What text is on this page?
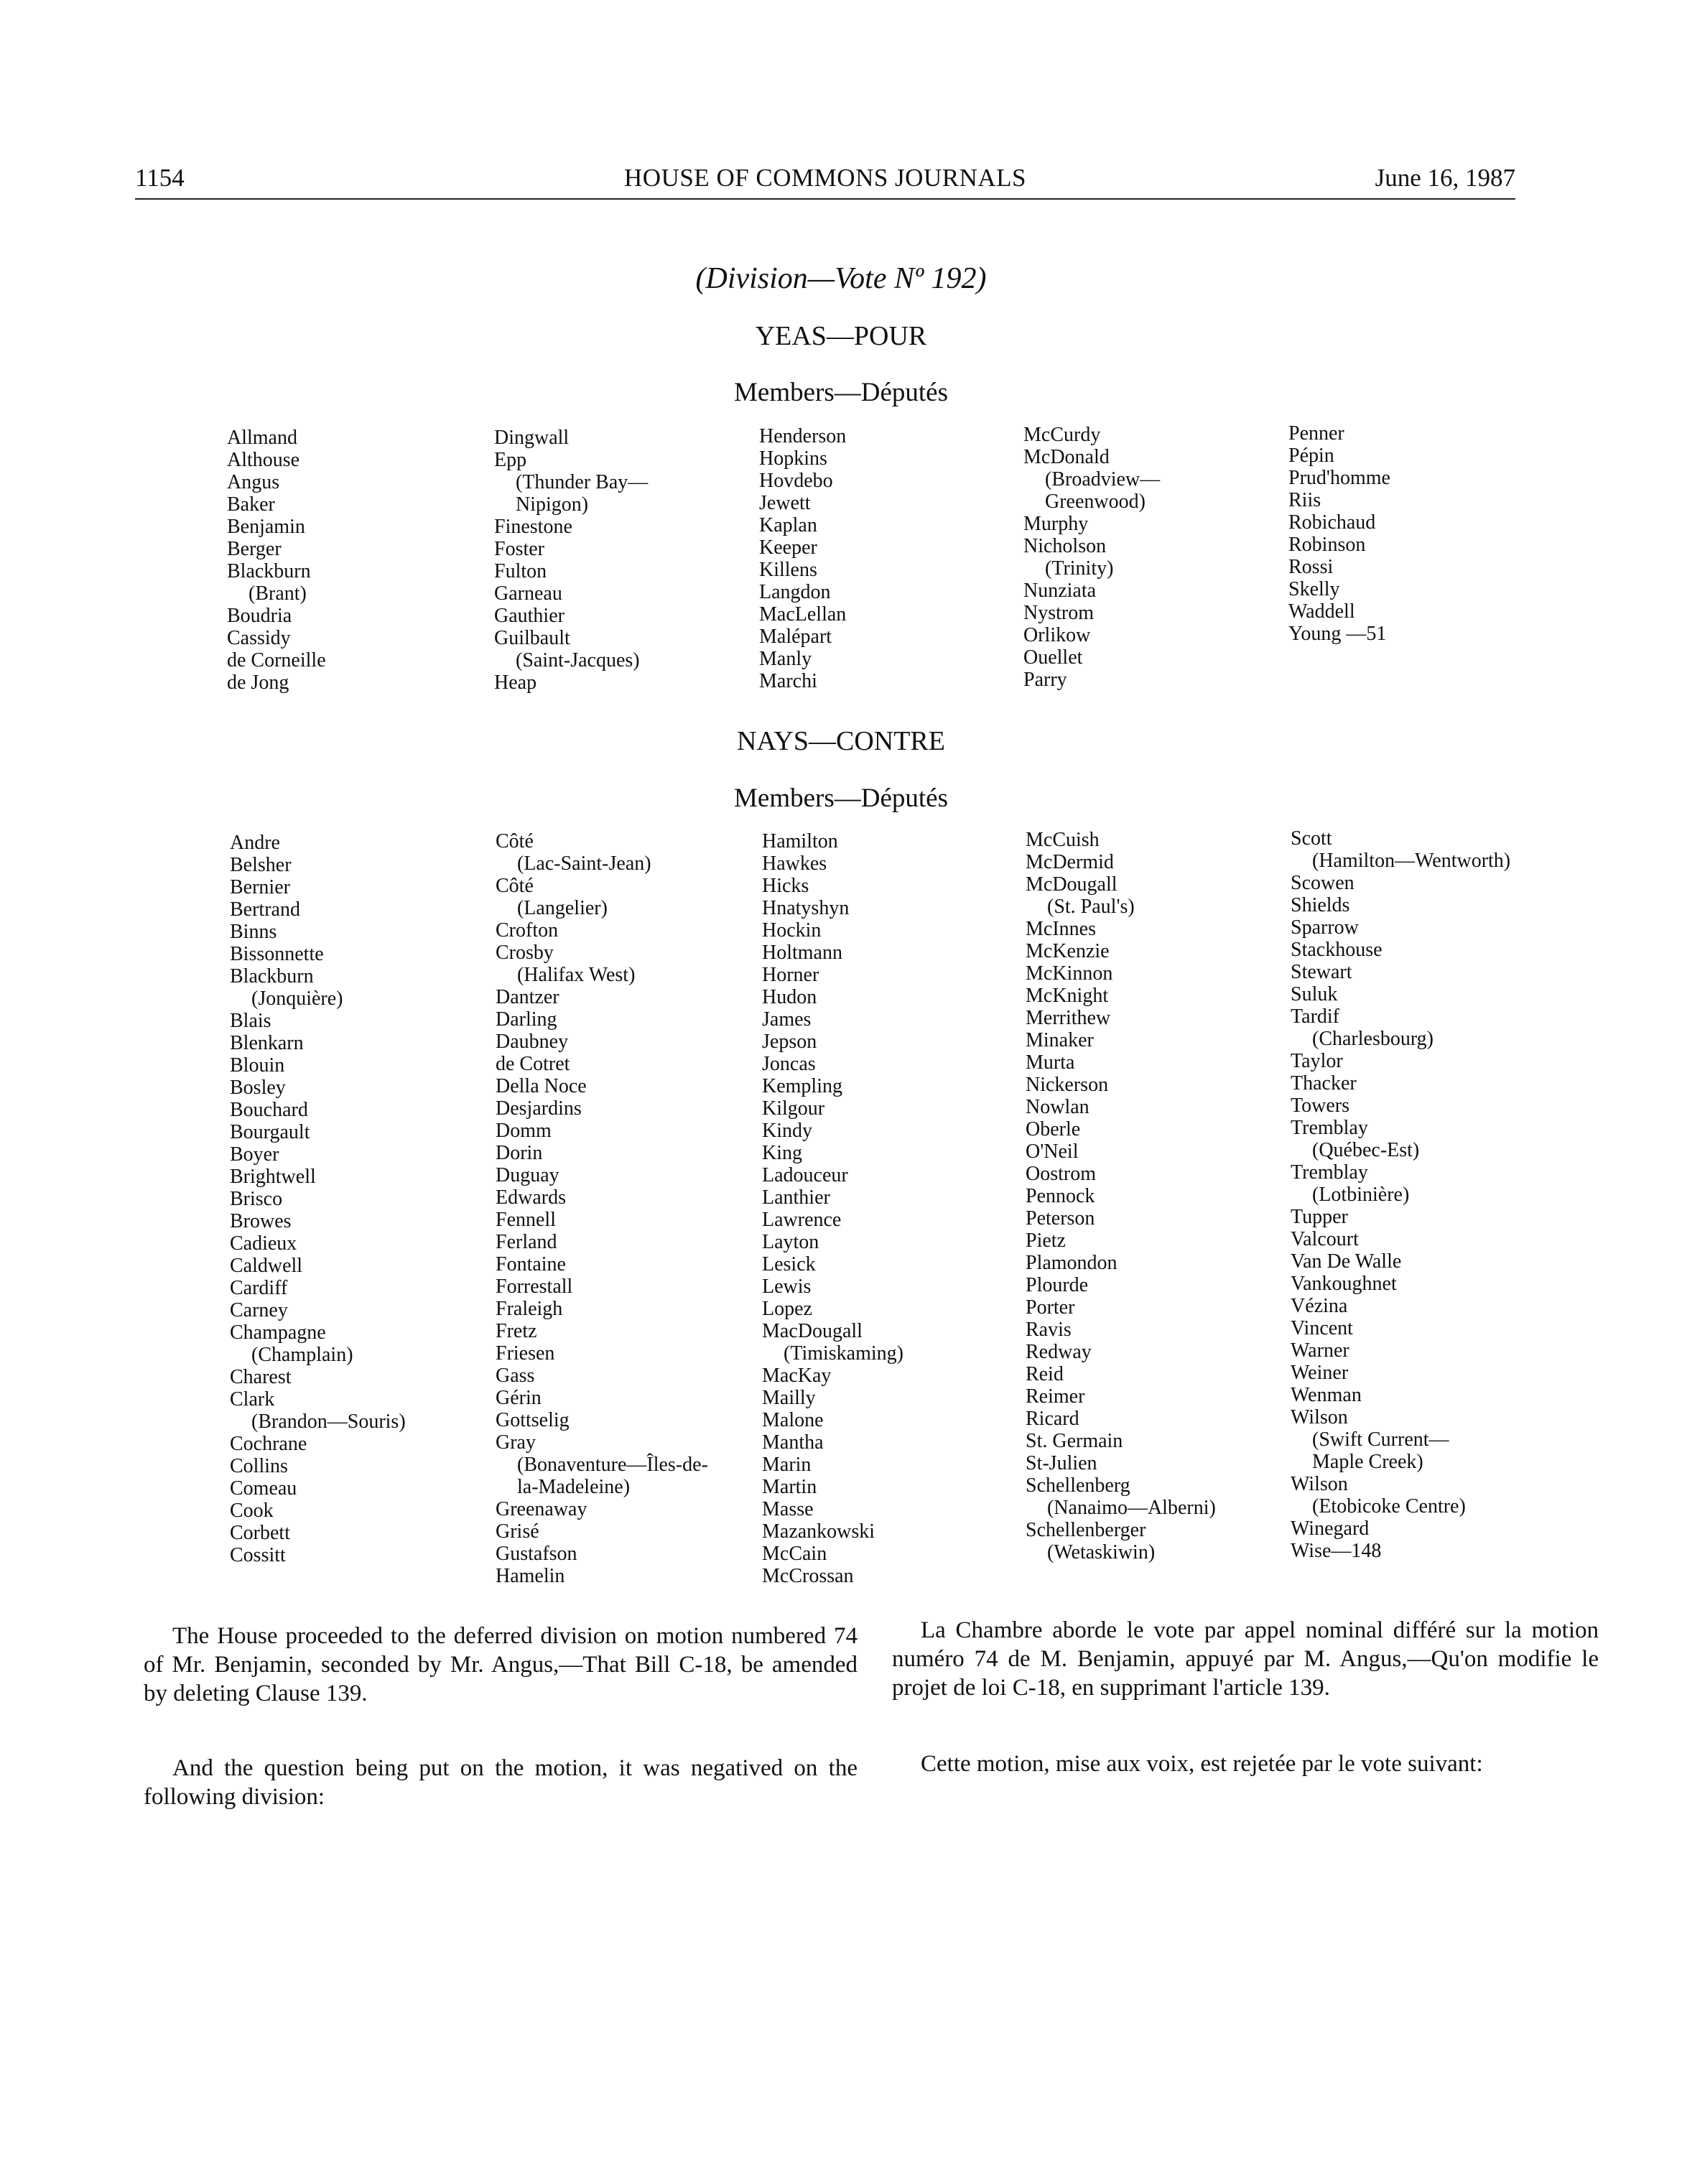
1154	HOUSE OF COMMONS JOURNALS	June 16, 1987
(Division—Vote Nº 192)
YEAS—POUR
Members—Députés
Allmand
Althouse
Angus
Baker
Benjamin
Berger
Blackburn
(Brant)
Boudria
Cassidy
de Corneille
de Jong
Dingwall
Epp
(Thunder Bay—
Nipigon)
Finestone
Foster
Fulton
Garneau
Gauthier
Guilbault
(Saint-Jacques)
Heap
Henderson
Hopkins
Hovdebo
Jewett
Kaplan
Keeper
Killens
Langdon
MacLellan
Malépart
Manly
Marchi
McCurdy
McDonald
(Broadview—
Greenwood)
Murphy
Nicholson
(Trinity)
Nunziata
Nystrom
Orlikow
Ouellet
Parry
Penner
Pépin
Prud'homme
Riis
Robichaud
Robinson
Rossi
Skelly
Waddell
Young —51
NAYS—CONTRE
Members—Députés
Andre
Belsher
Bernier
Bertrand
Binns
Bissonnette
Blackburn
(Jonquière)
Blais
Blenkarn
Blouin
Bosley
Bouchard
Bourgault
Boyer
Brightwell
Brisco
Browes
Cadieux
Caldwell
Cardiff
Carney
Champagne
(Champlain)
Charest
Clark
(Brandon—Souris)
Cochrane
Collins
Comeau
Cook
Corbett
Cossitt
Côté
(Lac-Saint-Jean)
Côté
(Langelier)
Crofton
Crosby
(Halifax West)
Dantzer
Darling
Daubney
de Cotret
Della Noce
Desjardins
Domm
Dorin
Duguay
Edwards
Fennell
Ferland
Fontaine
Forrestall
Fraleigh
Fretz
Friesen
Gass
Gérin
Gottselig
Gray
(Bonaventure—Îles-de-
la-Madeleine)
Greenaway
Grisé
Gustafson
Hamelin
Hamilton
Hawkes
Hicks
Hnatyshyn
Hockin
Holtmann
Horner
Hudon
James
Jepson
Joncas
Kempling
Kilgour
Kindy
King
Ladouceur
Lanthier
Lawrence
Layton
Lesick
Lewis
Lopez
MacDougall
(Timiskaming)
MacKay
Mailly
Malone
Mantha
Marin
Martin
Masse
Mazankowski
McCain
McCrossan
McCuish
McDermid
McDougall
(St. Paul's)
McInnes
McKenzie
McKinnon
McKnight
Merrithew
Minaker
Murta
Nickerson
Nowlan
Oberle
O'Neil
Oostrom
Pennock
Peterson
Pietz
Plamondon
Plourde
Porter
Ravis
Redway
Reid
Reimer
Ricard
St. Germain
St-Julien
Schellenberg
(Nanaimo—Alberni)
Schellenberger
(Wetaskiwin)
Scott
(Hamilton—Wentworth)
Scowen
Shields
Sparrow
Stackhouse
Stewart
Suluk
Tardif
(Charlesbourg)
Taylor
Thacker
Towers
Tremblay
(Québec-Est)
Tremblay
(Lotbinière)
Tupper
Valcourt
Van De Walle
Vankoughnet
Vézina
Vincent
Warner
Weiner
Wenman
Wilson
(Swift Current—
Maple Creek)
Wilson
(Etobicoke Centre)
Winegard
Wise—148

The House proceeded to the deferred division on motion numbered 74 of Mr. Benjamin, seconded by Mr. Angus,—That Bill C-18, be amended by deleting Clause 139.

La Chambre aborde le vote par appel nominal différé sur la motion numéro 74 de M. Benjamin, appuyé par M. Angus,—Qu'on modifie le projet de loi C-18, en supprimant l'article 139.

And the question being put on the motion, it was negatived on the following division:

Cette motion, mise aux voix, est rejetée par le vote suivant:
